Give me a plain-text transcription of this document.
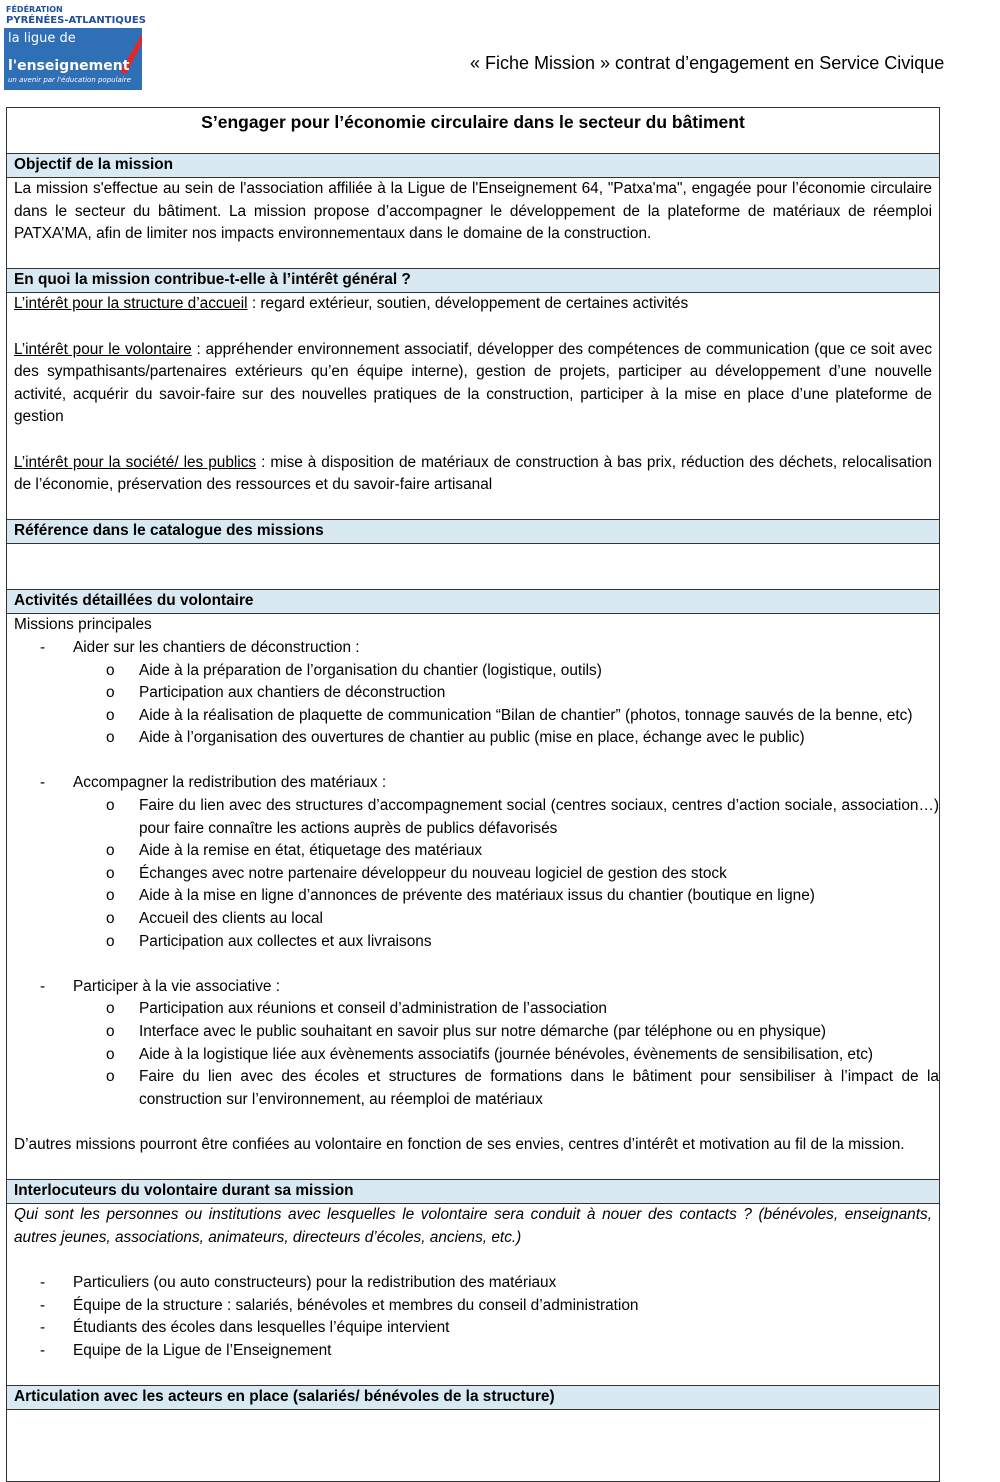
FÉDÉRATION
PYRÉNÉES-ATLANTIQUES
la ligue de
l'enseignement
un avenir par l'éducation populaire
« Fiche Mission » contrat d’engagement en Service Civique
S’engager pour l’économie circulaire dans le secteur du bâtiment
Objectif de la mission
La mission s'effectue au sein de l'association affiliée à la Ligue de l'Enseignement 64, "Patxa'ma", engagée pour l’économie circulaire dans le secteur du bâtiment. La mission propose d’accompagner le développement de la plateforme de matériaux de réemploi PATXA’MA, afin de limiter nos impacts environnementaux dans le domaine de la construction.
En quoi la mission contribue-t-elle à l’intérêt général ?
L’intérêt pour la structure d’accueil : regard extérieur, soutien, développement de certaines activités
L’intérêt pour le volontaire : appréhender environnement associatif, développer des compétences de communication (que ce soit avec des sympathisants/partenaires extérieurs qu’en équipe interne), gestion de projets, participer au développement d’une nouvelle activité, acquérir du savoir-faire sur des nouvelles pratiques de la construction, participer à la mise en place d’une plateforme de gestion
L’intérêt pour la société/ les publics : mise à disposition de matériaux de construction à bas prix, réduction des déchets, relocalisation de l’économie, préservation des ressources et du savoir-faire artisanal
Référence dans le catalogue des missions
Activités détaillées du volontaire
Missions principales
- Aider sur les chantiers de déconstruction :
o Aide à la préparation de l’organisation du chantier (logistique, outils)
o Participation aux chantiers de déconstruction
o Aide à la réalisation de plaquette de communication “Bilan de chantier” (photos, tonnage sauvés de la benne, etc)
o Aide à l’organisation des ouvertures de chantier au public (mise en place, échange avec le public)
- Accompagner la redistribution des matériaux :
o Faire du lien avec des structures d’accompagnement social (centres sociaux, centres d’action sociale, association…) pour faire connaître les actions auprès de publics défavorisés
o Aide à la remise en état, étiquetage des matériaux
o Échanges avec notre partenaire développeur du nouveau logiciel de gestion des stock
o Aide à la mise en ligne d’annonces de prévente des matériaux issus du chantier (boutique en ligne)
o Accueil des clients au local
o Participation aux collectes et aux livraisons
- Participer à la vie associative :
o Participation aux réunions et conseil d’administration de l’association
o Interface avec le public souhaitant en savoir plus sur notre démarche (par téléphone ou en physique)
o Aide à la logistique liée aux évènements associatifs (journée bénévoles, évènements de sensibilisation, etc)
o Faire du lien avec des écoles et structures de formations dans le bâtiment pour sensibiliser à l’impact de la construction sur l’environnement, au réemploi de matériaux
D’autres missions pourront être confiées au volontaire en fonction de ses envies, centres d’intérêt et motivation au fil de la mission.
Interlocuteurs du volontaire durant sa mission
Qui sont les personnes ou institutions avec lesquelles le volontaire sera conduit à nouer des contacts ? (bénévoles, enseignants, autres jeunes, associations, animateurs, directeurs d’écoles, anciens, etc.)
- Particuliers (ou auto constructeurs) pour la redistribution des matériaux
- Équipe de la structure : salariés, bénévoles et membres du conseil d’administration
- Étudiants des écoles dans lesquelles l’équipe intervient
- Equipe de la Ligue de l’Enseignement
Articulation avec les acteurs en place (salariés/ bénévoles de la structure)
